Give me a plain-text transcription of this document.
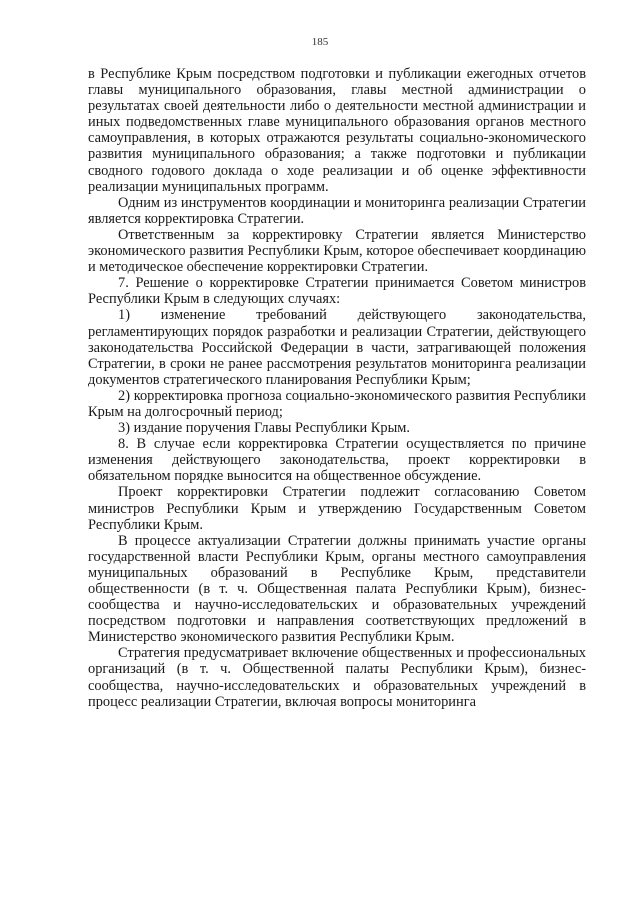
185

в Республике Крым посредством подготовки и публикации ежегодных отчетов главы муниципального образования, главы местной администрации о результатах своей деятельности либо о деятельности местной администрации и иных подведомственных главе муниципального образования органов местного самоуправления, в которых отражаются результаты социально-экономического развития муниципального образования; а также подготовки и публикации сводного годового доклада о ходе реализации и об оценке эффективности реализации муниципальных программ.

Одним из инструментов координации и мониторинга реализации Стратегии является корректировка Стратегии.

Ответственным за корректировку Стратегии является Министерство экономического развития Республики Крым, которое обеспечивает координацию и методическое обеспечение корректировки Стратегии.

7. Решение о корректировке Стратегии принимается Советом министров Республики Крым в следующих случаях:

1) изменение требований действующего законодательства, регламентирующих порядок разработки и реализации Стратегии, действующего законодательства Российской Федерации в части, затрагивающей положения Стратегии, в сроки не ранее рассмотрения результатов мониторинга реализации документов стратегического планирования Республики Крым;

2) корректировка прогноза социально-экономического развития Республики Крым на долгосрочный период;

3) издание поручения Главы Республики Крым.

8. В случае если корректировка Стратегии осуществляется по причине изменения действующего законодательства, проект корректировки в обязательном порядке выносится на общественное обсуждение.

Проект корректировки Стратегии подлежит согласованию Советом министров Республики Крым и утверждению Государственным Советом Республики Крым.

В процессе актуализации Стратегии должны принимать участие органы государственной власти Республики Крым, органы местного самоуправления муниципальных образований в Республике Крым, представители общественности (в т. ч. Общественная палата Республики Крым), бизнес-сообщества и научно-исследовательских и образовательных учреждений посредством подготовки и направления соответствующих предложений в Министерство экономического развития Республики Крым.

Стратегия предусматривает включение общественных и профессиональных организаций (в т. ч. Общественной палаты Республики Крым), бизнес-сообщества, научно-исследовательских и образовательных учреждений в процесс реализации Стратегии, включая вопросы мониторинга
